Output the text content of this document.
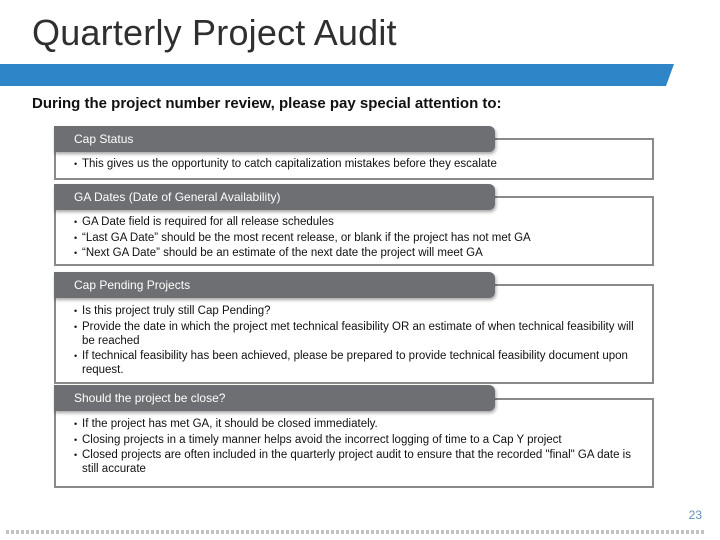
Quarterly Project Audit
During the project number review, please pay special attention to:
Cap Status
• This gives us the opportunity to catch capitalization mistakes before they escalate
GA Dates (Date of General Availability)
• GA Date field is required for all release schedules
• “Last GA Date” should be the most recent release, or blank if the project has not met GA
• “Next GA Date” should be an estimate of the next date the project will meet GA
Cap Pending Projects
• Is this project truly still Cap Pending?
• Provide the date in which the project met technical feasibility OR an estimate of when technical feasibility will be reached
• If technical feasibility has been achieved, please be prepared to provide technical feasibility document upon request.
Should the project be close?
• If the project has met GA, it should be closed immediately.
• Closing projects in a timely manner helps avoid the incorrect logging of time to a Cap Y project
• Closed projects are often included in the quarterly project audit to ensure that the recorded "final" GA date is still accurate
23
